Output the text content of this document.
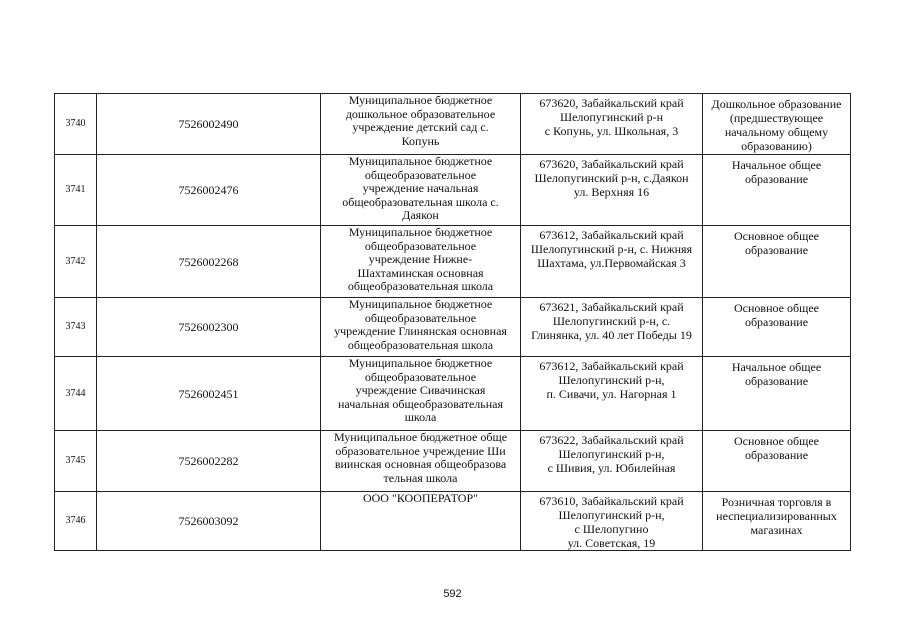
3740	7526002490	Муниципальное бюджетное
дошкольное образовательное
учреждение детский сад с.
Копунь	673620, Забайкальский край
Шелопугинский р-н
с Копунь, ул. Школьная, 3	Дошкольное образование
(предшествующее
начальному общему
образованию)

3741	7526002476	Муниципальное бюджетное
общеобразовательное
учреждение начальная
общеобразовательная школа с.
Даякон	673620, Забайкальский край
Шелопугинский р-н, с.Даякон
ул. Верхняя 16	Начальное общее
образование

3742	7526002268	Муниципальное бюджетное
общеобразовательное
учреждение Нижне-
Шахтаминская основная
общеобразовательная школа	673612, Забайкальский край
Шелопугинский р-н, с. Нижняя
Шахтама, ул.Первомайская 3	Основное общее
образование

3743	7526002300	Муниципальное бюджетное
общеобразовательное
учреждение Глинянская основная
общеобразовательная школа	673621, Забайкальский край
Шелопугинский р-н, с.
Глинянка, ул. 40 лет Победы 19	Основное общее
образование

3744	7526002451	Муниципальное бюджетное
общеобразовательное
учреждение Сивачинская
начальная общеобразовательная
школа	673612, Забайкальский край
Шелопугинский р-н,
п. Сивачи, ул. Нагорная 1	Начальное общее
образование

3745	7526002282	Муниципальное бюджетное обще
образовательное учреждение Ши
виинская основная общеобразова
тельная школа	673622, Забайкальский край
Шелопугинский р-н,
с Шивия, ул. Юбилейная	Основное общее
образование

3746	7526003092	ООО "КООПЕРАТОР"	673610, Забайкальский край
Шелопугинский р-н,
с Шелопугино
ул. Советская, 19	Розничная торговля в
неспециализированных
магазинах
592
